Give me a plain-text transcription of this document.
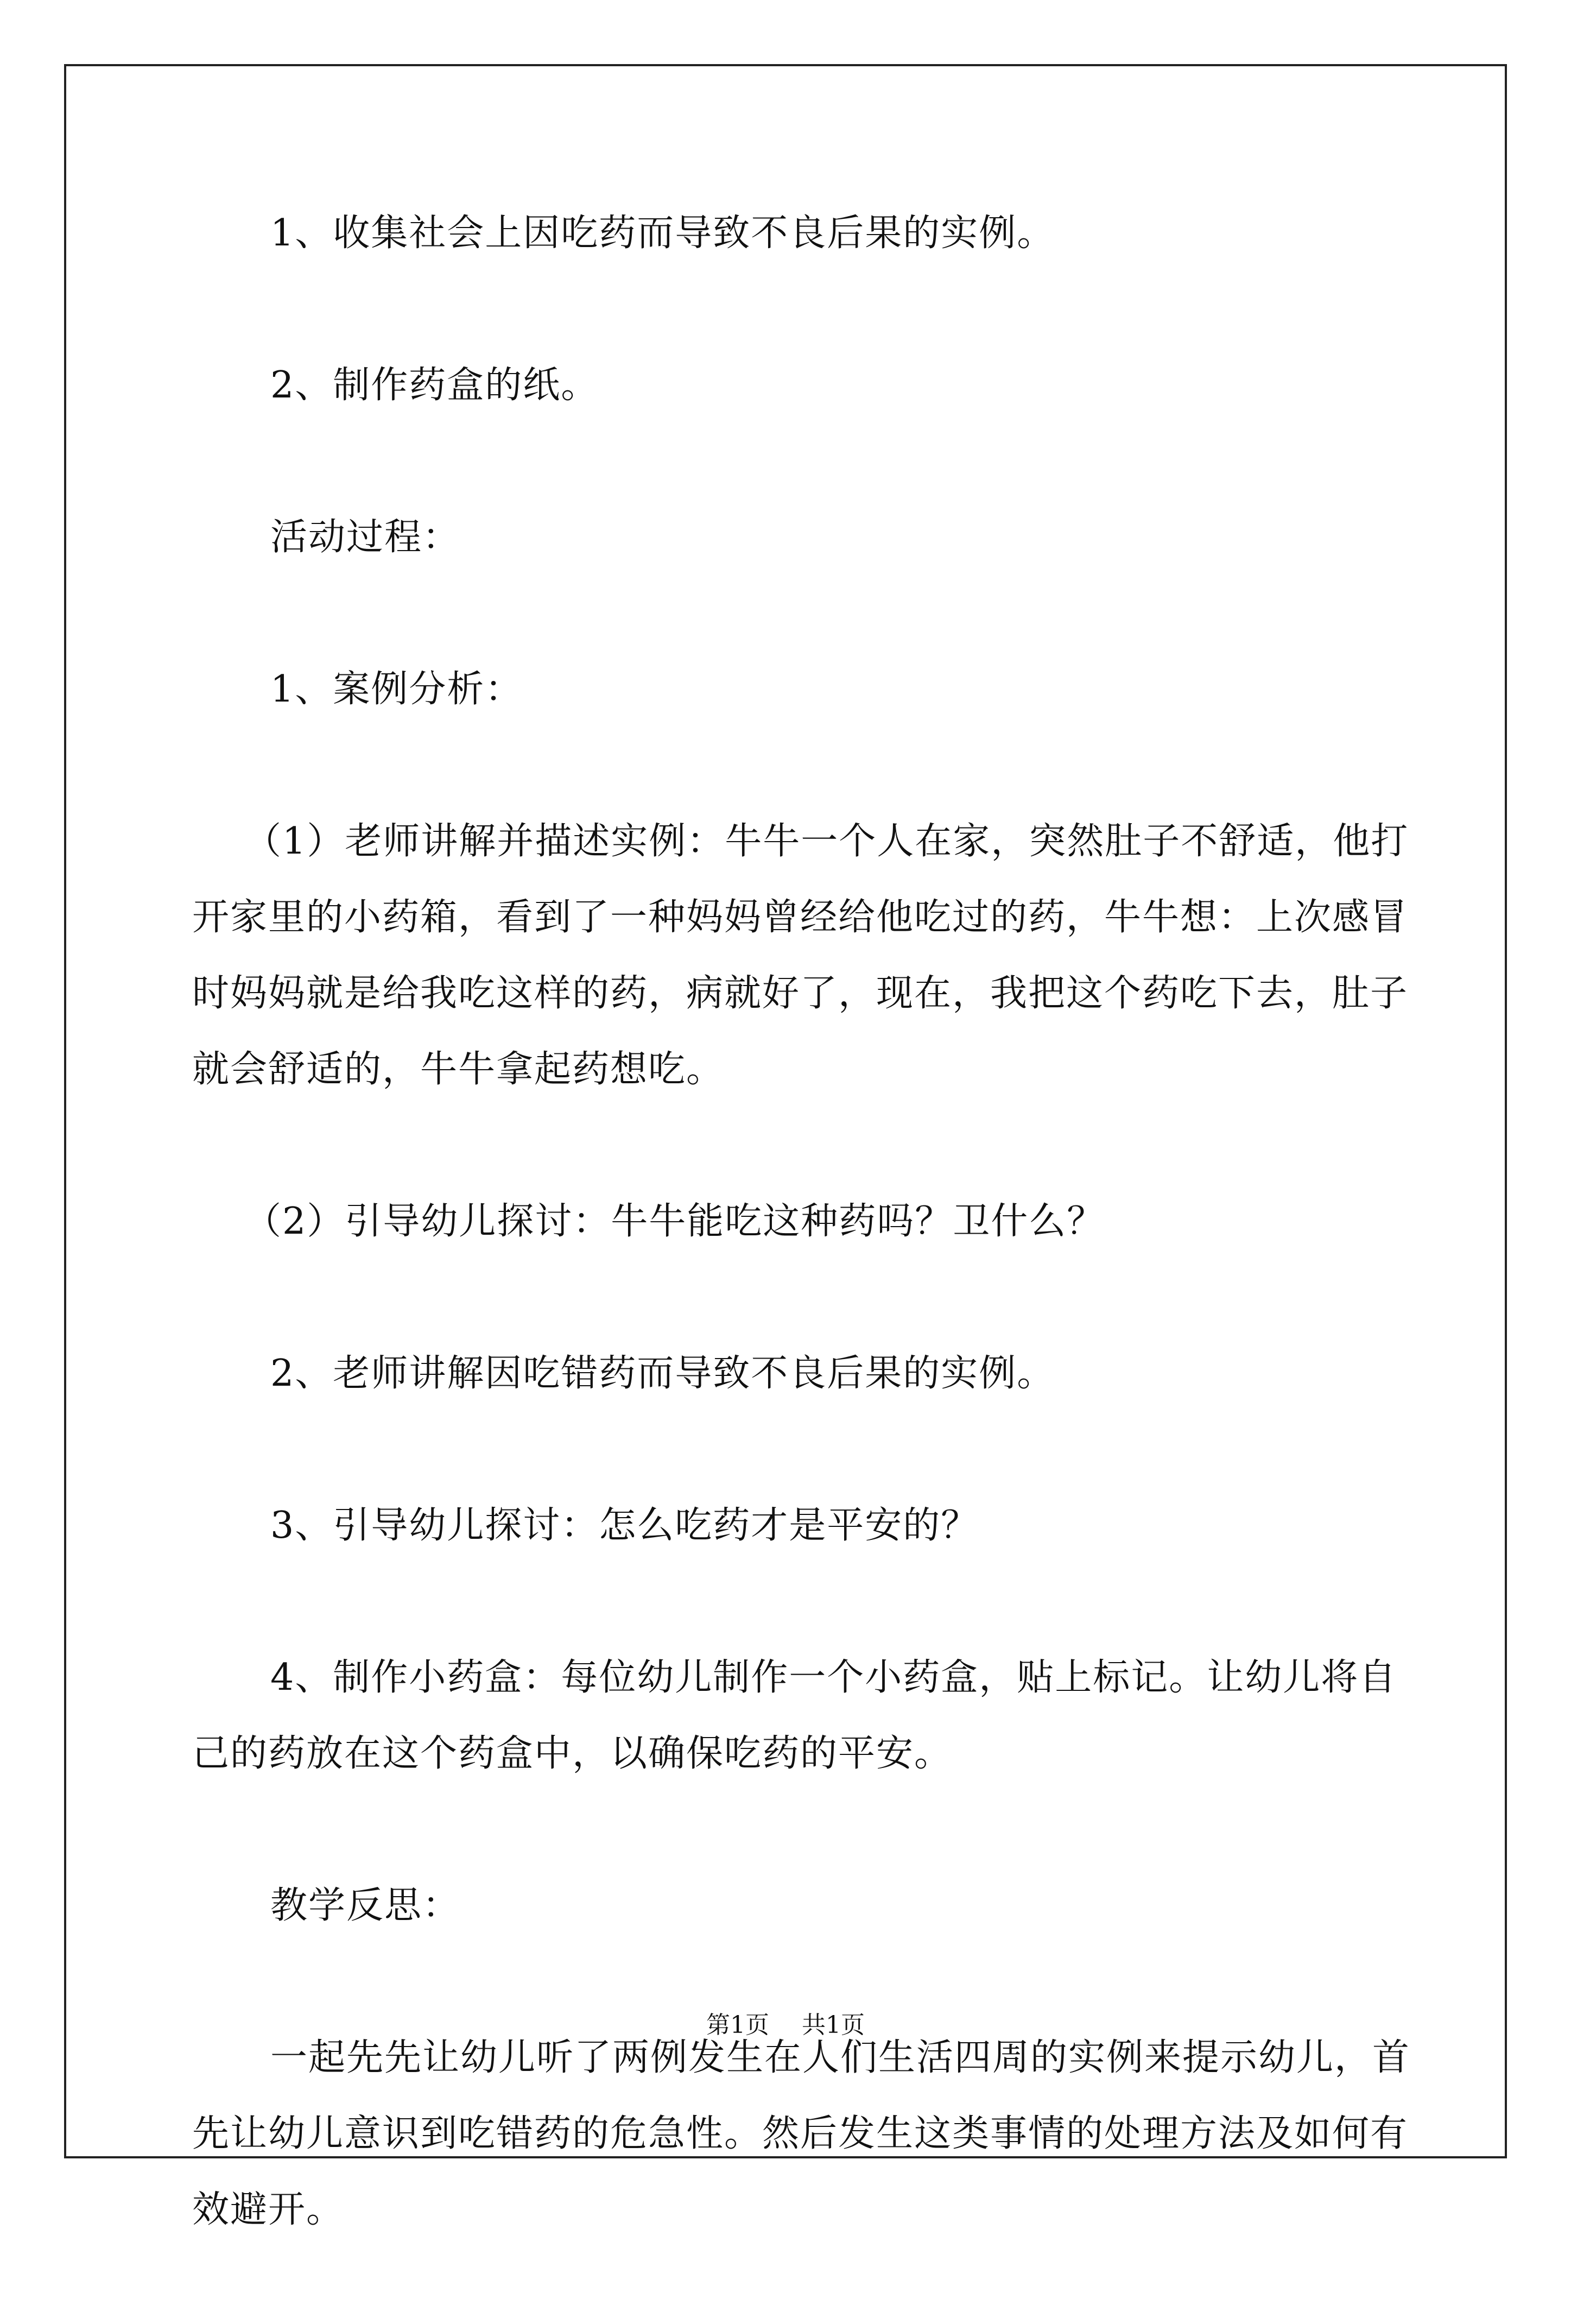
1、收集社会上因吃药而导致不良后果的实例。

2、制作药盒的纸。

活动过程：

1、案例分析：

（1）老师讲解并描述实例：牛牛一个人在家，突然肚子不舒适，他打开家里的小药箱，看到了一种妈妈曾经给他吃过的药，牛牛想：上次感冒时妈妈就是给我吃这样的药，病就好了，现在，我把这个药吃下去，肚子就会舒适的，牛牛拿起药想吃。

（2）引导幼儿探讨：牛牛能吃这种药吗？卫什么？

2、老师讲解因吃错药而导致不良后果的实例。

3、引导幼儿探讨：怎么吃药才是平安的？

4、制作小药盒：每位幼儿制作一个小药盒，贴上标记。让幼儿将自己的药放在这个药盒中，以确保吃药的平安。

教学反思：

一起先先让幼儿听了两例发生在人们生活四周的实例来提示幼儿，首先让幼儿意识到吃错药的危急性。然后发生这类事情的处理方法及如何有效避开。

第1页 共1页
